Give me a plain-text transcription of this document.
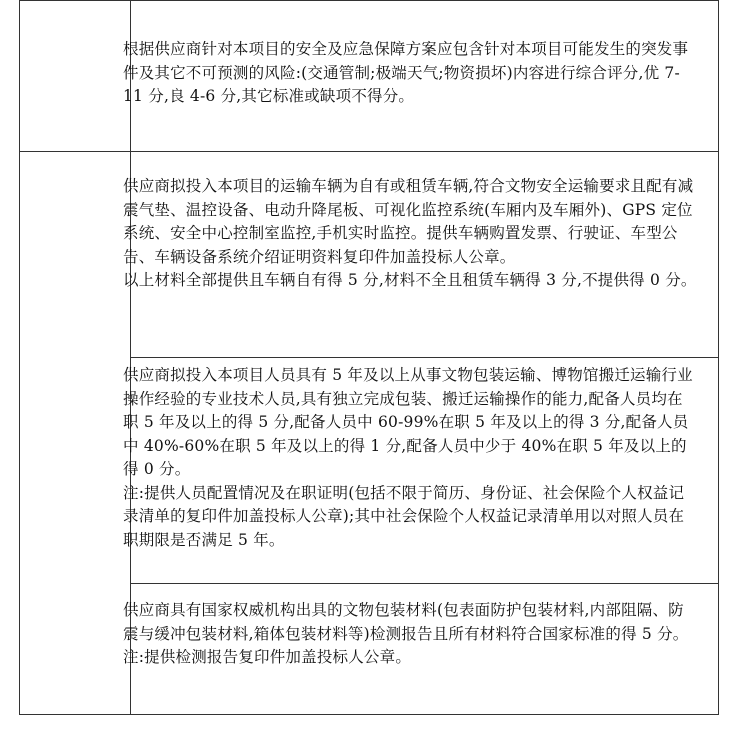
根据供应商针对本项目的安全及应急保障方案应包含针对本项目可能发生的突发事件及其它不可预测的风险:(交通管制;极端天气;物资损坏)内容进行综合评分,优 7-11 分,良 4-6 分,其它标准或缺项不得分。

供应商拟投入本项目的运输车辆为自有或租赁车辆,符合文物安全运输要求且配有减震气垫、温控设备、电动升降尾板、可视化监控系统(车厢内及车厢外)、GPS 定位系统、安全中心控制室监控,手机实时监控。提供车辆购置发票、行驶证、车型公告、车辆设备系统介绍证明资料复印件加盖投标人公章。

以上材料全部提供且车辆自有得 5 分,材料不全且租赁车辆得 3 分,不提供得 0 分。

供应商拟投入本项目人员具有 5 年及以上从事文物包装运输、博物馆搬迁运输行业操作经验的专业技术人员,具有独立完成包装、搬迁运输操作的能力,配备人员均在职 5 年及以上的得 5 分,配备人员中 60-99%在职 5 年及以上的得 3 分,配备人员中 40%-60%在职 5 年及以上的得 1 分,配备人员中少于 40%在职 5 年及以上的得 0 分。

注:提供人员配置情况及在职证明(包括不限于简历、身份证、社会保险个人权益记录清单的复印件加盖投标人公章);其中社会保险个人权益记录清单用以对照人员在职期限是否满足 5 年。

供应商具有国家权威机构出具的文物包装材料(包表面防护包装材料,内部阻隔、防震与缓冲包装材料,箱体包装材料等)检测报告且所有材料符合国家标准的得 5 分。

注:提供检测报告复印件加盖投标人公章。
